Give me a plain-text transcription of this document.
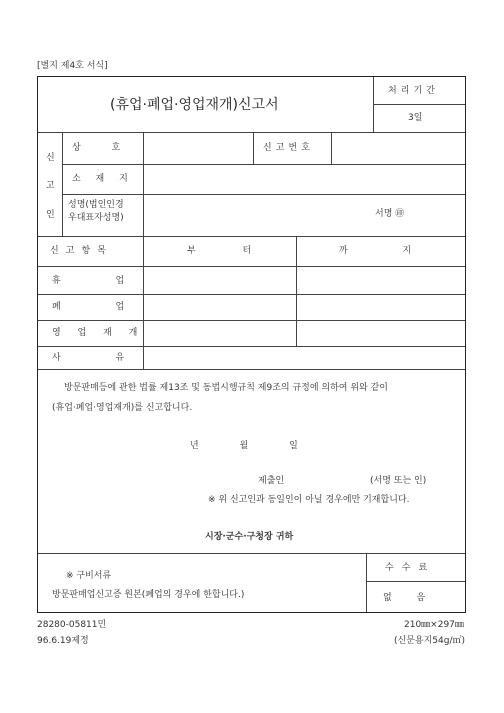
[별지 제4호 서식]
(휴업·폐업·영업재개)신고서
처 리 기 간
3일
신
고
인
상 호	신 고 번 호
소 재 지
성명(법인인경
우대표자성명)	서명 ㊞
신 고 항 목	부 터	까 지
휴 업
폐 업
영 업 재 개
사 유
방문판매등에 관한 법률 제13조 및 동법시행규칙 제9조의 규정에 의하여 위와 같이
(휴업·폐업·영업재개)를 신고합니다.
년 월 일
제출인	(서명 또는 인)
※ 위 신고인과 동일인이 아닐 경우에만 기재합니다.
시장·군수·구청장 귀하
※ 구비서류
방문판매업신고증 원본(폐업의 경우에 한합니다.)
수 수 료
없 음
28280-05811민
96.6.19제정
210㎜×297㎜
(신문용지54g/㎡)
